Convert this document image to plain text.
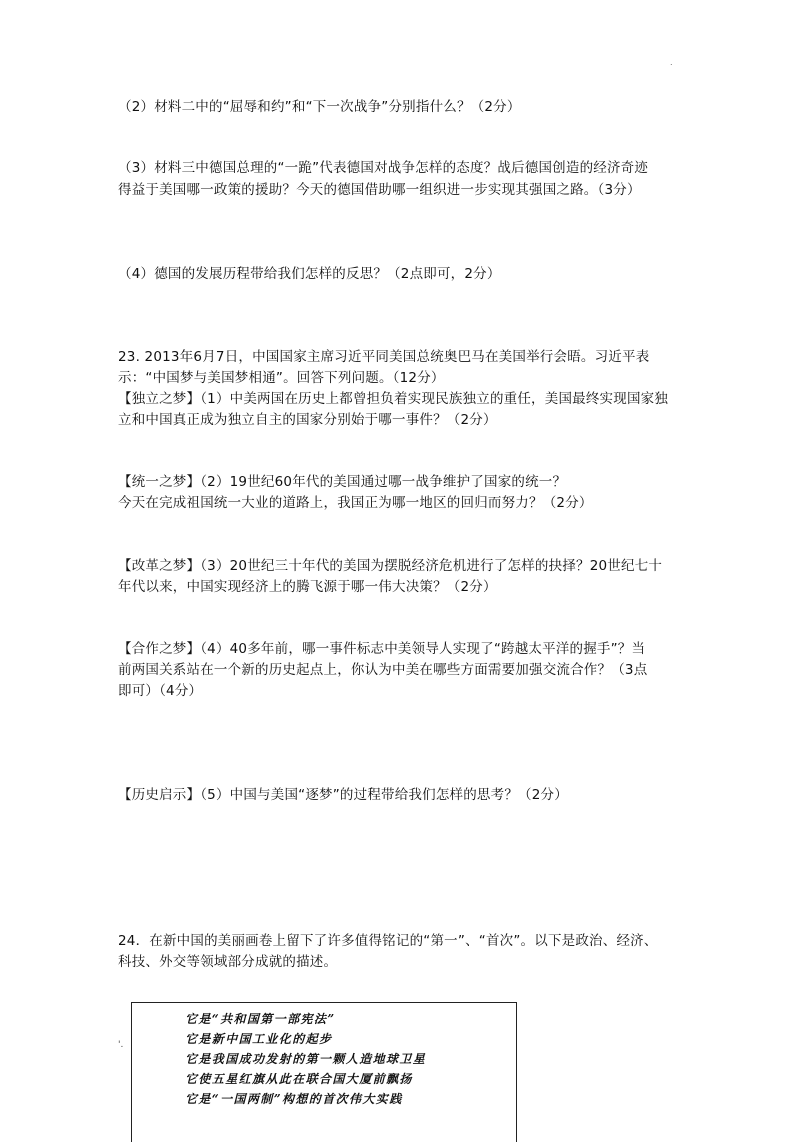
.
（2）材料二中的“屈辱和约”和“下一次战争”分别指什么？（2分）
（3）材料三中德国总理的“一跪”代表德国对战争怎样的态度？战后德国创造的经济奇迹
得益于美国哪一政策的援助？今天的德国借助哪一组织进一步实现其强国之路。（3分）
（4）德国的发展历程带给我们怎样的反思？（2点即可，2分）
23. 2013年6月7日，中国国家主席习近平同美国总统奥巴马在美国举行会晤。习近平表
示：“中国梦与美国梦相通”。回答下列问题。（12分）
【独立之梦】（1）中美两国在历史上都曾担负着实现民族独立的重任，美国最终实现国家独
立和中国真正成为独立自主的国家分别始于哪一事件？（2分）
【统一之梦】（2）19世纪60年代的美国通过哪一战争维护了国家的统一？
今天在完成祖国统一大业的道路上，我国正为哪一地区的回归而努力？（2分）
【改革之梦】（3）20世纪三十年代的美国为摆脱经济危机进行了怎样的抉择？20世纪七十
年代以来，中国实现经济上的腾飞源于哪一伟大决策？（2分）
【合作之梦】（4）40多年前，哪一事件标志中美领导人实现了“跨越太平洋的握手”？当
前两国关系站在一个新的历史起点上，你认为中美在哪些方面需要加强交流合作？（3点
即可）（4分）
【历史启示】（5）中国与美国“逐梦”的过程带给我们怎样的思考？（2分）
24．在新中国的美丽画卷上留下了许多值得铭记的“第一”、“首次”。以下是政治、经济、
科技、外交等领域部分成就的描述。
'.
它是“共和国第一部宪法”
它是新中国工业化的起步
它是我国成功发射的第一颗人造地球卫星
它使五星红旗从此在联合国大厦前飘扬
它是“一国两制”构想的首次伟大实践
